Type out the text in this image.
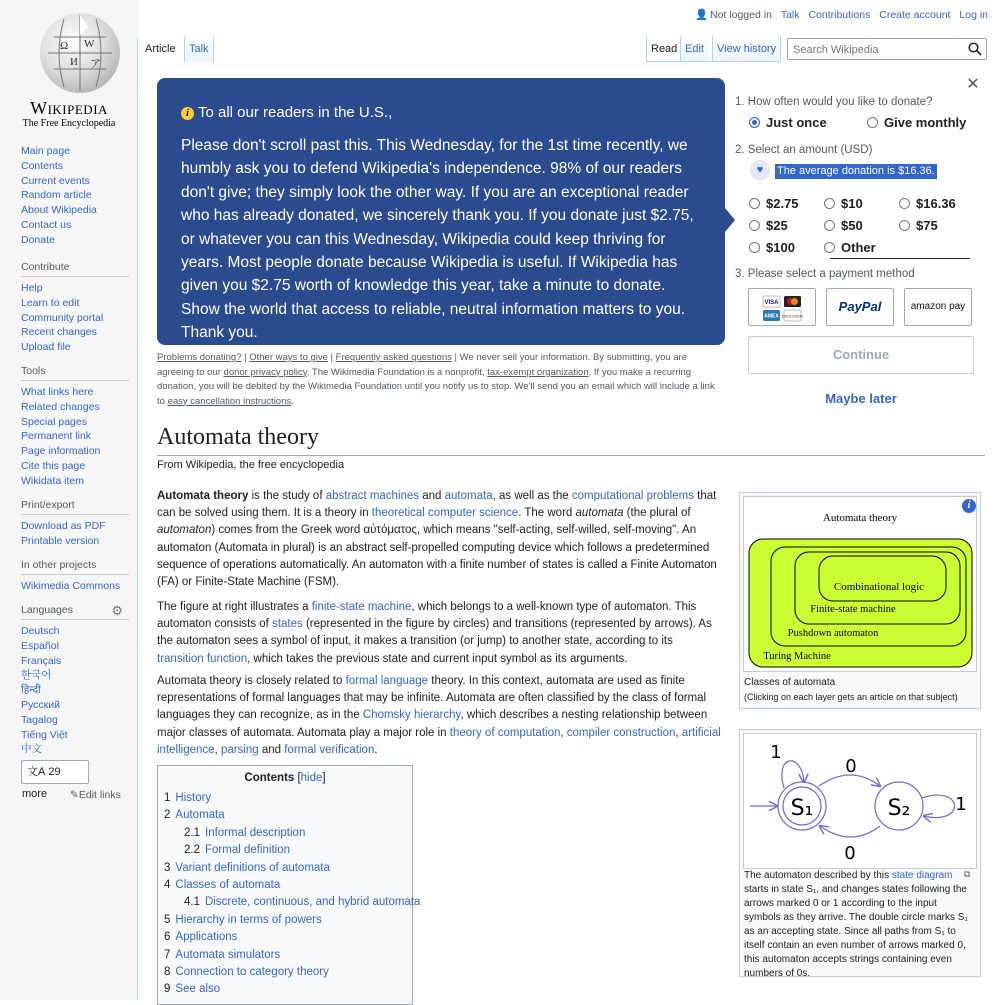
Ω W
И ア
Wikipedia
The Free Encyclopedia
Main page
Contents
Current events
Random article
About Wikipedia
Contact us
Donate
Contribute
Help
Learn to edit
Community portal
Recent changes
Upload file
Tools
What links here
Related changes
Special pages
Permanent link
Page information
Cite this page
Wikidata item
Print/export
Download as PDF
Printable version
In other projects
Wikimedia Commons
Languages	⚙
Deutsch
Español
Français
한국어
हिन्दी
Русский
Tagalog
Tiếng Việt
中文
文A 29 more	✎Edit links
👤 Not logged in Talk Contributions Create account Log in
Article	Talk	Read Edit	View history	Search Wikipedia
i To all our readers in the U.S.,
Please don't scroll past this. This Wednesday, for the 1st time recently, we humbly ask you to defend Wikipedia's independence. 98% of our readers don't give; they simply look the other way. If you are an exceptional reader who has already donated, we sincerely thank you. If you donate just $2.75, or whatever you can this Wednesday, Wikipedia could keep thriving for years. Most people donate because Wikipedia is useful. If Wikipedia has given you $2.75 worth of knowledge this year, take a minute to donate. Show the world that access to reliable, neutral information matters to you. Thank you.
Problems donating? | Other ways to give | Frequently asked questions | We never sell your information. By submitting, you are agreeing to our donor privacy policy. The Wikimedia Foundation is a nonprofit, tax-exempt organization. If you make a recurring donation, you will be debited by the Wikimedia Foundation until you notify us to stop. We'll send you an email which will include a link to easy cancellation instructions.
✕
1. How often would you like to donate?
Just once	Give monthly
2. Select an amount (USD)
♥	The average donation is $16.36.
$2.75	$10	$16.36
$25	$50	$75
$100	Other
3. Please select a payment method
VISA
AMEX DISCOVER
PayPal	amazon pay
Continue
Maybe later
Automata theory
From Wikipedia, the free encyclopedia
Automata theory is the study of abstract machines and automata, as well as the computational problems that can be solved using them. It is a theory in theoretical computer science. The word automata (the plural of automaton) comes from the Greek word αὐτόματος, which means "self-acting, self-willed, self-moving". An automaton (Automata in plural) is an abstract self-propelled computing device which follows a predetermined sequence of operations automatically. An automaton with a finite number of states is called a Finite Automaton (FA) or Finite-State Machine (FSM).
The figure at right illustrates a finite-state machine, which belongs to a well-known type of automaton. This automaton consists of states (represented in the figure by circles) and transitions (represented by arrows). As the automaton sees a symbol of input, it makes a transition (or jump) to another state, according to its transition function, which takes the previous state and current input symbol as its arguments.
Automata theory is closely related to formal language theory. In this context, automata are used as finite representations of formal languages that may be infinite. Automata are often classified by the class of formal languages they can recognize, as in the Chomsky hierarchy, which describes a nesting relationship between major classes of automata. Automata play a major role in theory of computation, compiler construction, artificial intelligence, parsing and formal verification.
Automata theory
Combinational logic
Finite-state machine
Pushdown automaton
Turing Machine
i
Classes of automata
(Clicking on each layer gets an article on that subject)
S₁	S₂
1
0
0
1
⧉
The automaton described by this state diagram starts in state S₁, and changes states following the arrows marked 0 or 1 according to the input symbols as they arrive. The double circle marks S₁ as an accepting state. Since all paths from S₁ to itself contain an even number of arrows marked 0, this automaton accepts strings containing even numbers of 0s.
Contents [hide]
1 History
2 Automata
2.1 Informal description
2.2 Formal definition
3 Variant definitions of automata
4 Classes of automata
4.1 Discrete, continuous, and hybrid automata
5 Hierarchy in terms of powers
6 Applications
7 Automata simulators
8 Connection to category theory
9 See also
